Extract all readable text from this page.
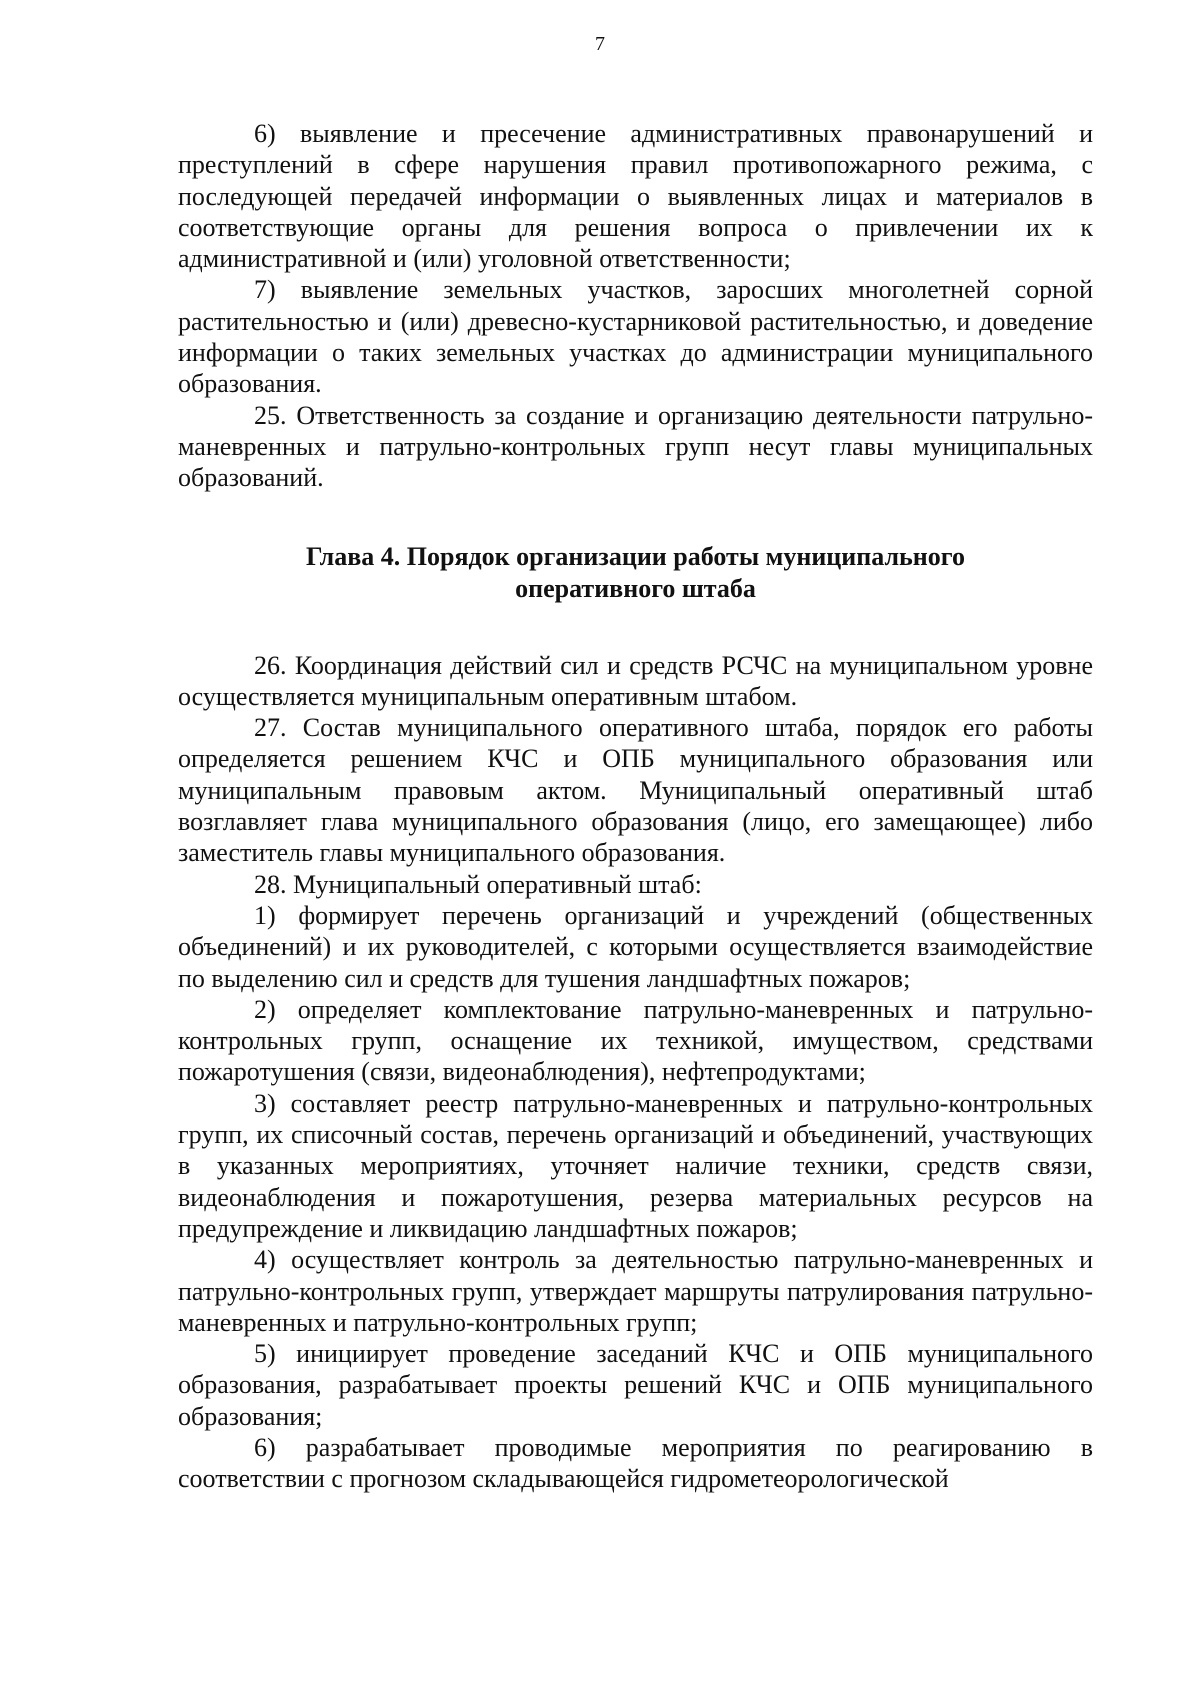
7

6) выявление и пресечение административных правонарушений и преступлений в сфере нарушения правил противопожарного режима, с последующей передачей информации о выявленных лицах и материалов в соответствующие органы для решения вопроса о привлечении их к административной и (или) уголовной ответственности;

7) выявление земельных участков, заросших многолетней сорной растительностью и (или) древесно-кустарниковой растительностью, и доведение информации о таких земельных участках до администрации муниципального образования.

25. Ответственность за создание и организацию деятельности патрульно-маневренных и патрульно-контрольных групп несут главы муниципальных образований.

Глава 4. Порядок организации работы муниципального
оперативного штаба

26. Координация действий сил и средств РСЧС на муниципальном уровне осуществляется муниципальным оперативным штабом.

27. Состав муниципального оперативного штаба, порядок его работы определяется решением КЧС и ОПБ муниципального образования или муниципальным правовым актом. Муниципальный оперативный штаб возглавляет глава муниципального образования (лицо, его замещающее) либо заместитель главы муниципального образования.

28. Муниципальный оперативный штаб:

1) формирует перечень организаций и учреждений (общественных объединений) и их руководителей, с которыми осуществляется взаимодействие по выделению сил и средств для тушения ландшафтных пожаров;

2) определяет комплектование патрульно-маневренных и патрульно-контрольных групп, оснащение их техникой, имуществом, средствами пожаротушения (связи, видеонаблюдения), нефтепродуктами;

3) составляет реестр патрульно-маневренных и патрульно-контрольных групп, их списочный состав, перечень организаций и объединений, участвующих в указанных мероприятиях, уточняет наличие техники, средств связи, видеонаблюдения и пожаротушения, резерва материальных ресурсов на предупреждение и ликвидацию ландшафтных пожаров;

4) осуществляет контроль за деятельностью патрульно-маневренных и патрульно-контрольных групп, утверждает маршруты патрулирования патрульно-маневренных и патрульно-контрольных групп;

5) инициирует проведение заседаний КЧС и ОПБ муниципального образования, разрабатывает проекты решений КЧС и ОПБ муниципального образования;

6) разрабатывает проводимые мероприятия по реагированию в соответствии с прогнозом складывающейся гидрометеорологической
